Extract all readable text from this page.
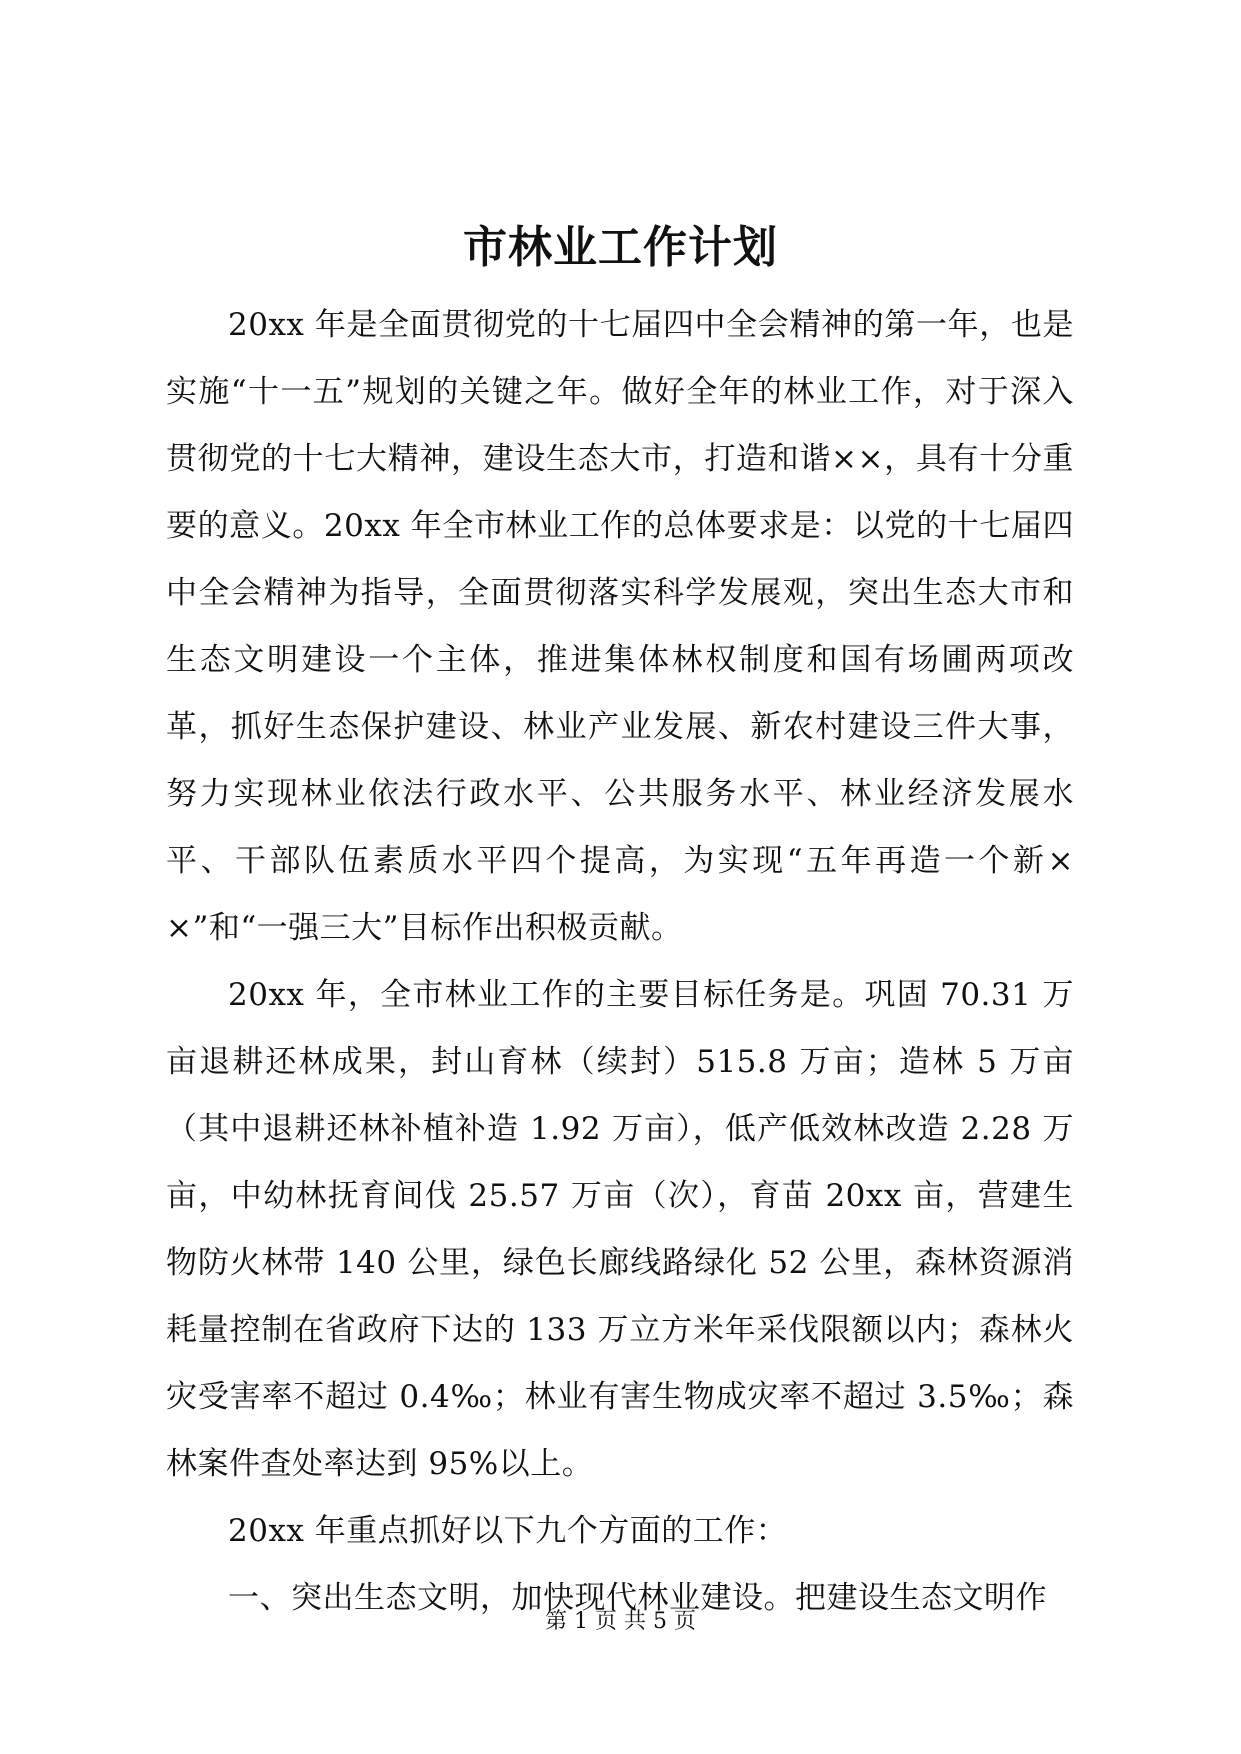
市林业工作计划

20xx 年是全面贯彻党的十七届四中全会精神的第一年，也是实施“十一五”规划的关键之年。做好全年的林业工作，对于深入贯彻党的十七大精神，建设生态大市，打造和谐××，具有十分重要的意义。20xx 年全市林业工作的总体要求是：以党的十七届四中全会精神为指导，全面贯彻落实科学发展观，突出生态大市和生态文明建设一个主体，推进集体林权制度和国有场圃两项改革，抓好生态保护建设、林业产业发展、新农村建设三件大事，努力实现林业依法行政水平、公共服务水平、林业经济发展水平、干部队伍素质水平四个提高，为实现“五年再造一个新××”和“一强三大”目标作出积极贡献。

20xx 年，全市林业工作的主要目标任务是。巩固 70.31 万亩退耕还林成果，封山育林（续封）515.8 万亩；造林 5 万亩（其中退耕还林补植补造 1.92 万亩），低产低效林改造 2.28 万亩，中幼林抚育间伐 25.57 万亩（次），育苗 20xx 亩，营建生物防火林带 140 公里，绿色长廊线路绿化 52 公里，森林资源消耗量控制在省政府下达的 133 万立方米年采伐限额以内；森林火灾受害率不超过 0.4‰；林业有害生物成灾率不超过 3.5‰；森林案件查处率达到 95%以上。

20xx 年重点抓好以下九个方面的工作：

一、突出生态文明，加快现代林业建设。把建设生态文明作

第 1 页 共 5 页
